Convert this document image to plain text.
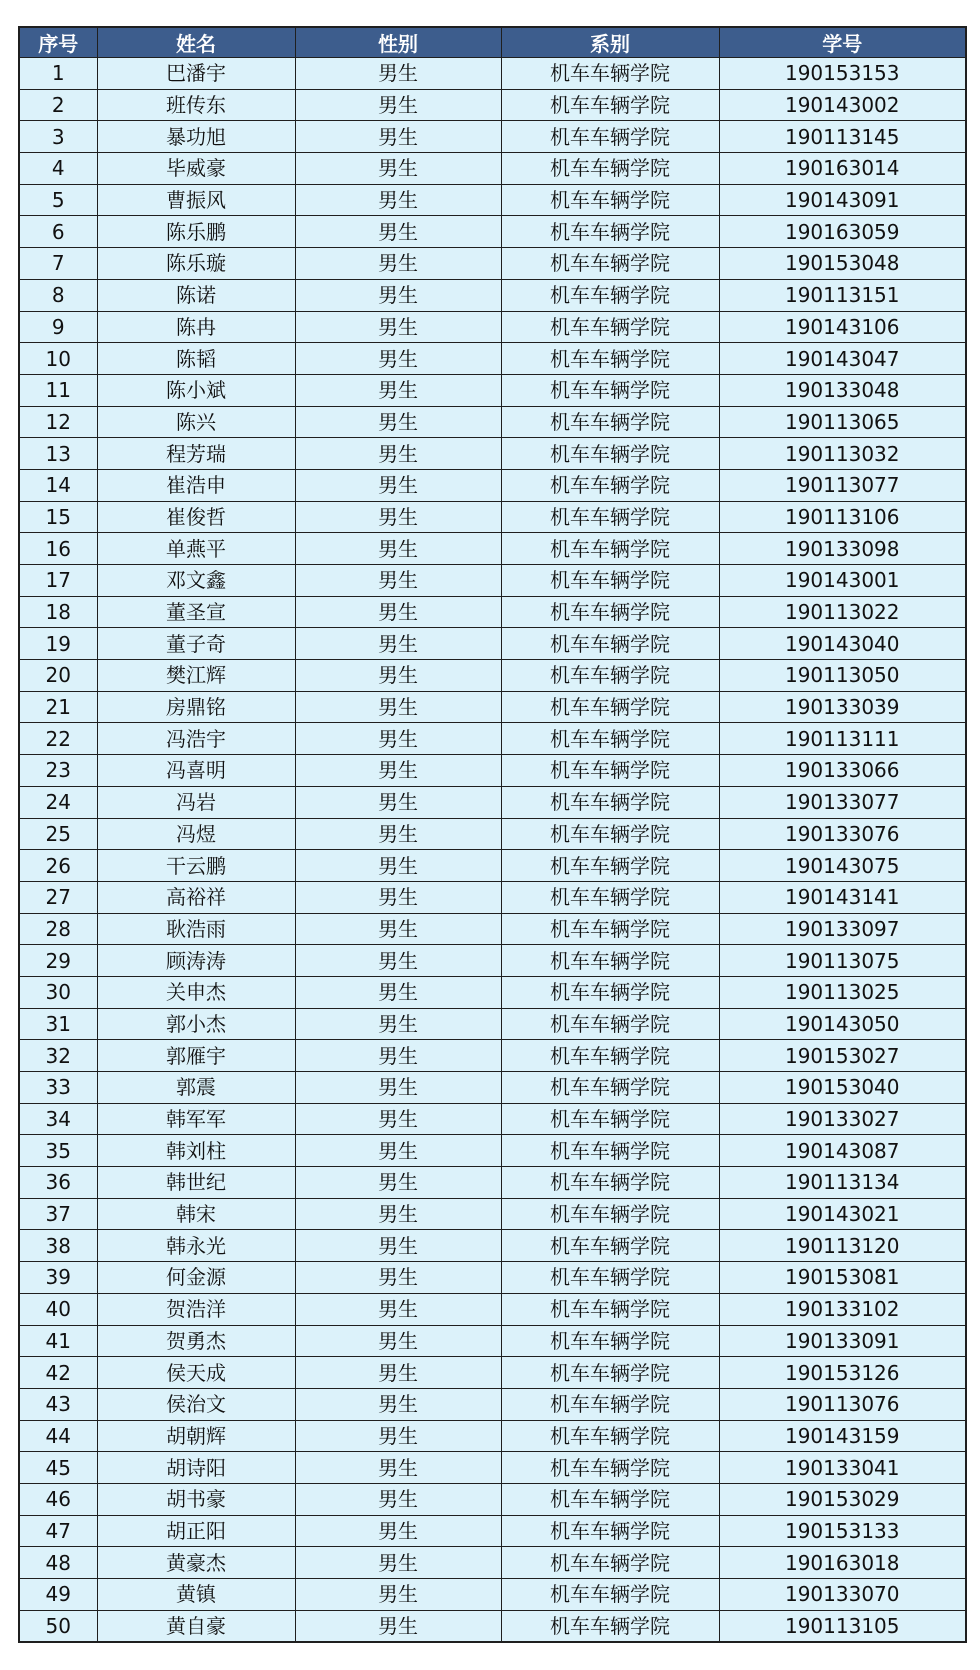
序号	姓名	性别	系别	学号
1	巴潘宇	男生	机车车辆学院	190153153
2	班传东	男生	机车车辆学院	190143002
3	暴功旭	男生	机车车辆学院	190113145
4	毕威豪	男生	机车车辆学院	190163014
5	曹振风	男生	机车车辆学院	190143091
6	陈乐鹏	男生	机车车辆学院	190163059
7	陈乐璇	男生	机车车辆学院	190153048
8	陈诺	男生	机车车辆学院	190113151
9	陈冉	男生	机车车辆学院	190143106
10	陈韬	男生	机车车辆学院	190143047
11	陈小斌	男生	机车车辆学院	190133048
12	陈兴	男生	机车车辆学院	190113065
13	程芳瑞	男生	机车车辆学院	190113032
14	崔浩申	男生	机车车辆学院	190113077
15	崔俊哲	男生	机车车辆学院	190113106
16	单燕平	男生	机车车辆学院	190133098
17	邓文鑫	男生	机车车辆学院	190143001
18	董圣宣	男生	机车车辆学院	190113022
19	董子奇	男生	机车车辆学院	190143040
20	樊江辉	男生	机车车辆学院	190113050
21	房鼎铭	男生	机车车辆学院	190133039
22	冯浩宇	男生	机车车辆学院	190113111
23	冯喜明	男生	机车车辆学院	190133066
24	冯岩	男生	机车车辆学院	190133077
25	冯煜	男生	机车车辆学院	190133076
26	干云鹏	男生	机车车辆学院	190143075
27	高裕祥	男生	机车车辆学院	190143141
28	耿浩雨	男生	机车车辆学院	190133097
29	顾涛涛	男生	机车车辆学院	190113075
30	关申杰	男生	机车车辆学院	190113025
31	郭小杰	男生	机车车辆学院	190143050
32	郭雁宇	男生	机车车辆学院	190153027
33	郭震	男生	机车车辆学院	190153040
34	韩军军	男生	机车车辆学院	190133027
35	韩刘柱	男生	机车车辆学院	190143087
36	韩世纪	男生	机车车辆学院	190113134
37	韩宋	男生	机车车辆学院	190143021
38	韩永光	男生	机车车辆学院	190113120
39	何金源	男生	机车车辆学院	190153081
40	贺浩洋	男生	机车车辆学院	190133102
41	贺勇杰	男生	机车车辆学院	190133091
42	侯天成	男生	机车车辆学院	190153126
43	侯治文	男生	机车车辆学院	190113076
44	胡朝辉	男生	机车车辆学院	190143159
45	胡诗阳	男生	机车车辆学院	190133041
46	胡书豪	男生	机车车辆学院	190153029
47	胡正阳	男生	机车车辆学院	190153133
48	黄豪杰	男生	机车车辆学院	190163018
49	黄镇	男生	机车车辆学院	190133070
50	黄自豪	男生	机车车辆学院	190113105
